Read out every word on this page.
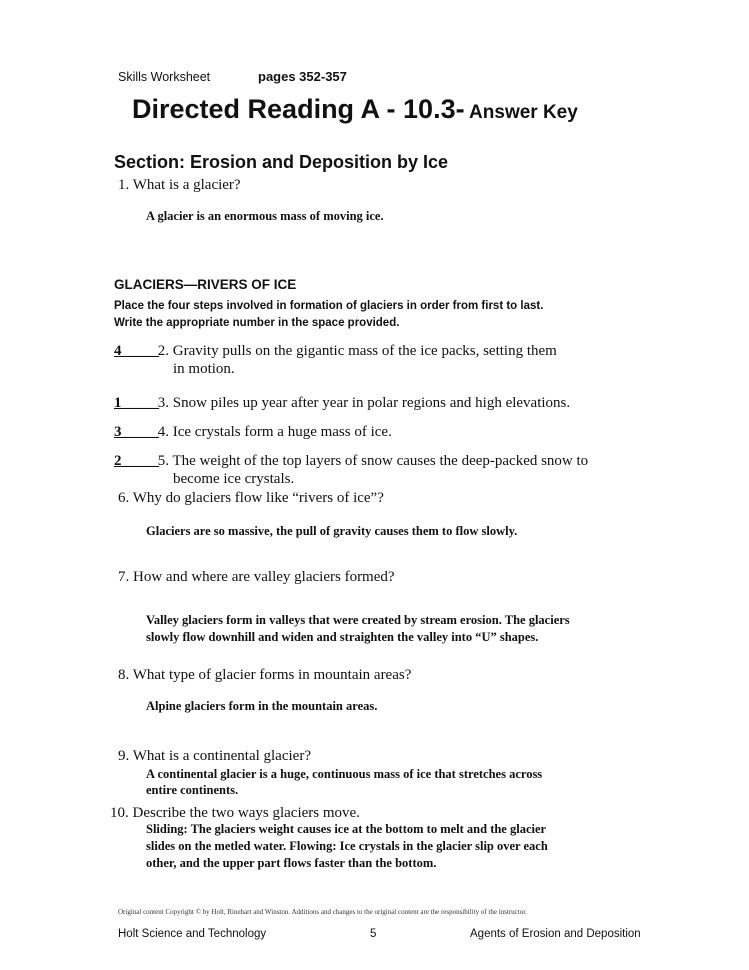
Skills Worksheet	pages 352-357
Directed Reading A - 10.3- Answer Key
Section: Erosion and Deposition by Ice
1. What is a glacier?
A glacier is an enormous mass of moving ice.
GLACIERS—RIVERS OF ICE
Place the four steps involved in formation of glaciers in order from first to last.
Write the appropriate number in the space provided.
4_____ 2. Gravity pulls on the gigantic mass of the ice packs, setting them
in motion.
1_____ 3. Snow piles up year after year in polar regions and high elevations.
3_____ 4. Ice crystals form a huge mass of ice.
2_____ 5. The weight of the top layers of snow causes the deep-packed snow to
become ice crystals.
6. Why do glaciers flow like “rivers of ice”?
Glaciers are so massive, the pull of gravity causes them to flow slowly.
7. How and where are valley glaciers formed?
Valley glaciers form in valleys that were created by stream erosion. The glaciers
slowly flow downhill and widen and straighten the valley into “U” shapes.
8. What type of glacier forms in mountain areas?
Alpine glaciers form in the mountain areas.
9. What is a continental glacier?
A continental glacier is a huge, continuous mass of ice that stretches across
entire continents.
10. Describe the two ways glaciers move.
Sliding: The glaciers weight causes ice at the bottom to melt and the glacier
slides on the metled water. Flowing: Ice crystals in the glacier slip over each
other, and the upper part flows faster than the bottom.
Original content Copyright © by Holt, Rinehart and Winston. Additions and changes to the original content are the responsibility of the instructor.
Holt Science and Technology	5	Agents of Erosion and Deposition
